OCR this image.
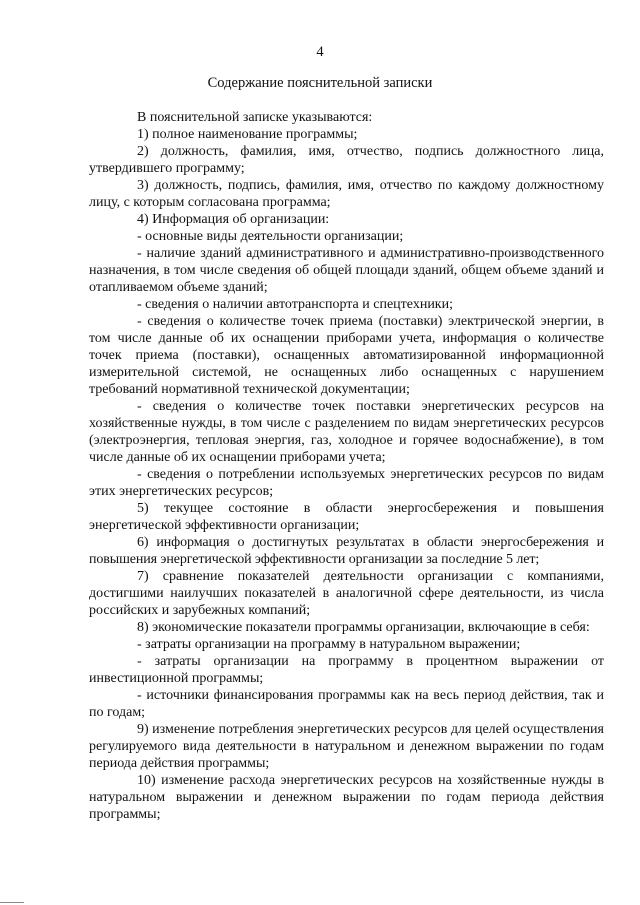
4
Содержание пояснительной записки

В пояснительной записке указываются:

1) полное наименование программы;

2) должность, фамилия, имя, отчество, подпись должностного лица, утвердившего программу;

3) должность, подпись, фамилия, имя, отчество по каждому должностному лицу, с которым согласована программа;

4) Информация об организации:

- основные виды деятельности организации;

- наличие зданий административного и административно-производственного назначения, в том числе сведения об общей площади зданий, общем объеме зданий и отапливаемом объеме зданий;

- сведения о наличии автотранспорта и спецтехники;

- сведения о количестве точек приема (поставки) электрической энергии, в том числе данные об их оснащении приборами учета, информация о количестве точек приема (поставки), оснащенных автоматизированной информационной измерительной системой, не оснащенных либо оснащенных с нарушением требований нормативной технической документации;

- сведения о количестве точек поставки энергетических ресурсов на хозяйственные нужды, в том числе с разделением по видам энергетических ресурсов (электроэнергия, тепловая энергия, газ, холодное и горячее водоснабжение), в том числе данные об их оснащении приборами учета;

- сведения о потреблении используемых энергетических ресурсов по видам этих энергетических ресурсов;

5) текущее состояние в области энергосбережения и повышения энергетической эффективности организации;

6) информация о достигнутых результатах в области энергосбережения и повышения энергетической эффективности организации за последние 5 лет;

7) сравнение показателей деятельности организации с компаниями, достигшими наилучших показателей в аналогичной сфере деятельности, из числа российских и зарубежных компаний;

8) экономические показатели программы организации, включающие в себя:

- затраты организации на программу в натуральном выражении;

- затраты организации на программу в процентном выражении от инвестиционной программы;

- источники финансирования программы как на весь период действия, так и по годам;

9) изменение потребления энергетических ресурсов для целей осуществления регулируемого вида деятельности в натуральном и денежном выражении по годам периода действия программы;

10) изменение расхода энергетических ресурсов на хозяйственные нужды в натуральном выражении и денежном выражении по годам периода действия программы;
